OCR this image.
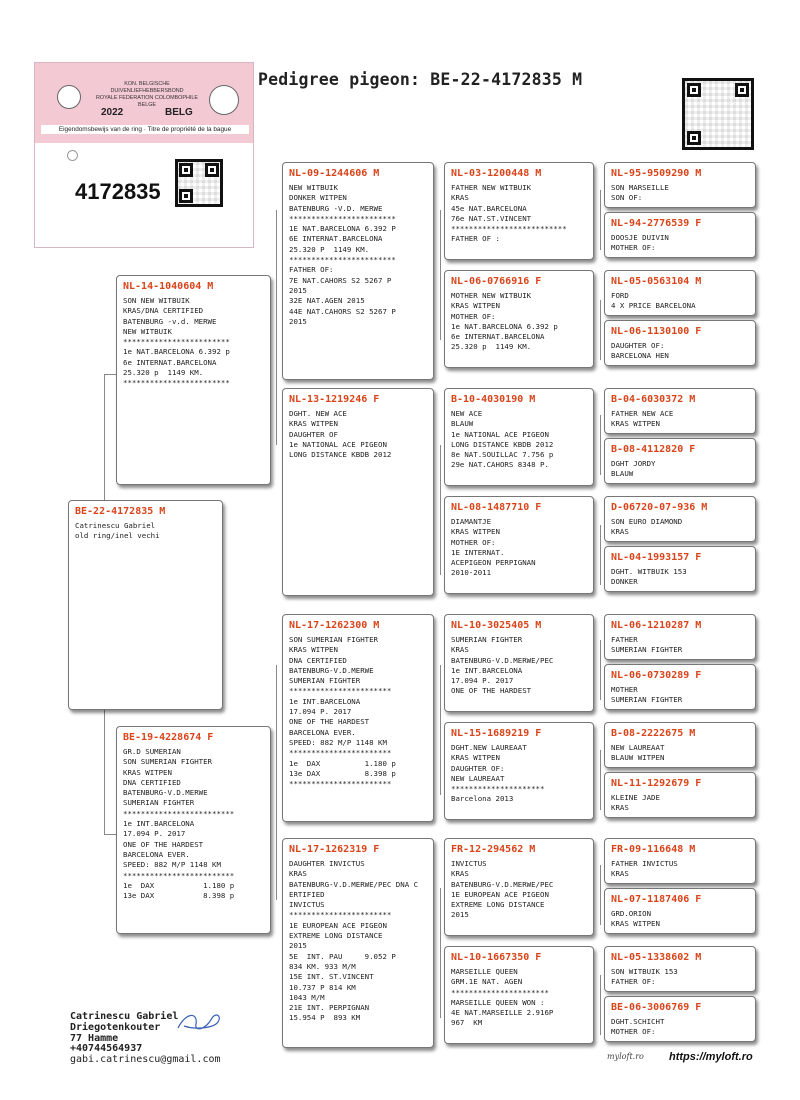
Pedigree pigeon: BE-22-4172835 M
KON. BELGISCHE DUIVENLIEFHEBBERSBOND
ROYALE FEDERATION COLOMBOPHILE BELGE
2022	BELG
Eigendomsbewijs van de ring · Titre de propriété de la bague
4172835
BE-22-4172835 M
Catrinescu Gabriel
old ring/inel vechi
NL-14-1040604 M
SON NEW WITBUIK
KRAS/DNA CERTIFIED
BATENBURG -v.d. MERWE
NEW WITBUIK
************************
1e NAT.BARCELONA 6.392 p
6e INTERNAT.BARCELONA
25.320 p  1149 KM.
************************
BE-19-4228674 F
GR.D SUMERIAN
SON SUMERIAN FIGHTER
KRAS WITPEN
DNA CERTIFIED
BATENBURG-V.D.MERWE
SUMERIAN FIGHTER
*************************
1e INT.BARCELONA
17.094 P. 2017
ONE OF THE HARDEST
BARCELONA EVER.
SPEED: 882 M/P 1148 KM
*************************
1e  DAX           1.180 p
13e DAX           8.398 p
NL-09-1244606 M
NEW WITBUIK
DONKER WITPEN
BATENBURG -V.D. MERWE
************************
1E NAT.BARCELONA 6.392 P
6E INTERNAT.BARCELONA
25.320 P  1149 KM.
************************
FATHER OF:
7E NAT.CAHORS S2 5267 P
2015
32E NAT.AGEN 2015
44E NAT.CAHORS S2 5267 P
2015
NL-13-1219246 F
DGHT. NEW ACE
KRAS WITPEN
DAUGHTER OF
1e NATIONAL ACE PIGEON
LONG DISTANCE KBDB 2012
NL-17-1262300 M
SON SUMERIAN FIGHTER
KRAS WITPEN
DNA CERTIFIED
BATENBURG-V.D.MERWE
SUMERIAN FIGHTER
***********************
1e INT.BARCELONA
17.094 P. 2017
ONE OF THE HARDEST
BARCELONA EVER.
SPEED: 882 M/P 1148 KM
***********************
1e  DAX          1.180 p
13e DAX          8.398 p
***********************
NL-17-1262319 F
DAUGHTER INVICTUS
KRAS
BATENBURG-V.D.MERWE/PEC DNA C
ERTIFIED
INVICTUS
***********************
1E EUROPEAN ACE PIGEON
EXTREME LONG DISTANCE
2015
5E  INT. PAU     9.052 P
834 KM. 933 M/M
15E INT. ST.VINCENT
10.737 P 814 KM
1043 M/M
21E INT. PERPIGNAN
15.954 P  893 KM
NL-03-1200448 M
FATHER NEW WITBUIK
KRAS
45e NAT.BARCELONA
76e NAT.ST.VINCENT
**************************
FATHER OF :
NL-06-0766916 F
MOTHER NEW WITBUIK
KRAS WITPEN
MOTHER OF:
1e NAT.BARCELONA 6.392 p
6e INTERNAT.BARCELONA
25.320 p  1149 KM.
B-10-4030190 M
NEW ACE
BLAUW
1e NATIONAL ACE PIGEON
LONG DISTANCE KBDB 2012
8e NAT.SOUILLAC 7.756 p
29e NAT.CAHORS 8348 P.
NL-08-1487710 F
DIAMANTJE
KRAS WITPEN
MOTHER OF:
1E INTERNAT.
ACEPIGEON PERPIGNAN
2010-2011
NL-10-3025405 M
SUMERIAN FIGHTER
KRAS
BATENBURG-V.D.MERWE/PEC
1e INT.BARCELONA
17.094 P. 2017
ONE OF THE HARDEST
NL-15-1689219 F
DGHT.NEW LAUREAAT
KRAS WITPEN
DAUGHTER OF:
NEW LAUREAAT
*********************
Barcelona 2013
FR-12-294562 M
INVICTUS
KRAS
BATENBURG-V.D.MERWE/PEC
1E EUROPEAN ACE PIGEON
EXTREME LONG DISTANCE
2015
NL-10-1667350 F
MARSEILLE QUEEN
GRM.1E NAT. AGEN
**********************
MARSEILLE QUEEN WON :
4E NAT.MARSEILLE 2.916P
967  KM
NL-95-9509290 M
SON MARSEILLE
SON OF:
NL-94-2776539 F
DOOSJE DUIVIN
MOTHER OF:
NL-05-0563104 M
FORD
4 X PRICE BARCELONA
NL-06-1130100 F
DAUGHTER OF:
BARCELONA HEN
B-04-6030372 M
FATHER NEW ACE
KRAS WITPEN
B-08-4112820 F
DGHT JORDY
BLAUW
D-06720-07-936 M
SON EURO DIAMOND
KRAS
NL-04-1993157 F
DGHT. WITBUIK 153
DONKER
NL-06-1210287 M
FATHER
SUMERIAN FIGHTER
NL-06-0730289 F
MOTHER
SUMERIAN FIGHTER
B-08-2222675 M
NEW LAUREAAT
BLAUW WITPEN
NL-11-1292679 F
KLEINE JADE
KRAS
FR-09-116648 M
FATHER INVICTUS
KRAS
NL-07-1187406 F
GRD.ORION
KRAS WITPEN
NL-05-1338602 M
SON WITBUIK 153
FATHER OF:
BE-06-3006769 F
DGHT.SCHICHT
MOTHER OF:
Catrinescu Gabriel
Driegotenkouter
77 Hamme
+40744564937
gabi.catrinescu@gmail.com	myloft.ro https://myloft.ro
